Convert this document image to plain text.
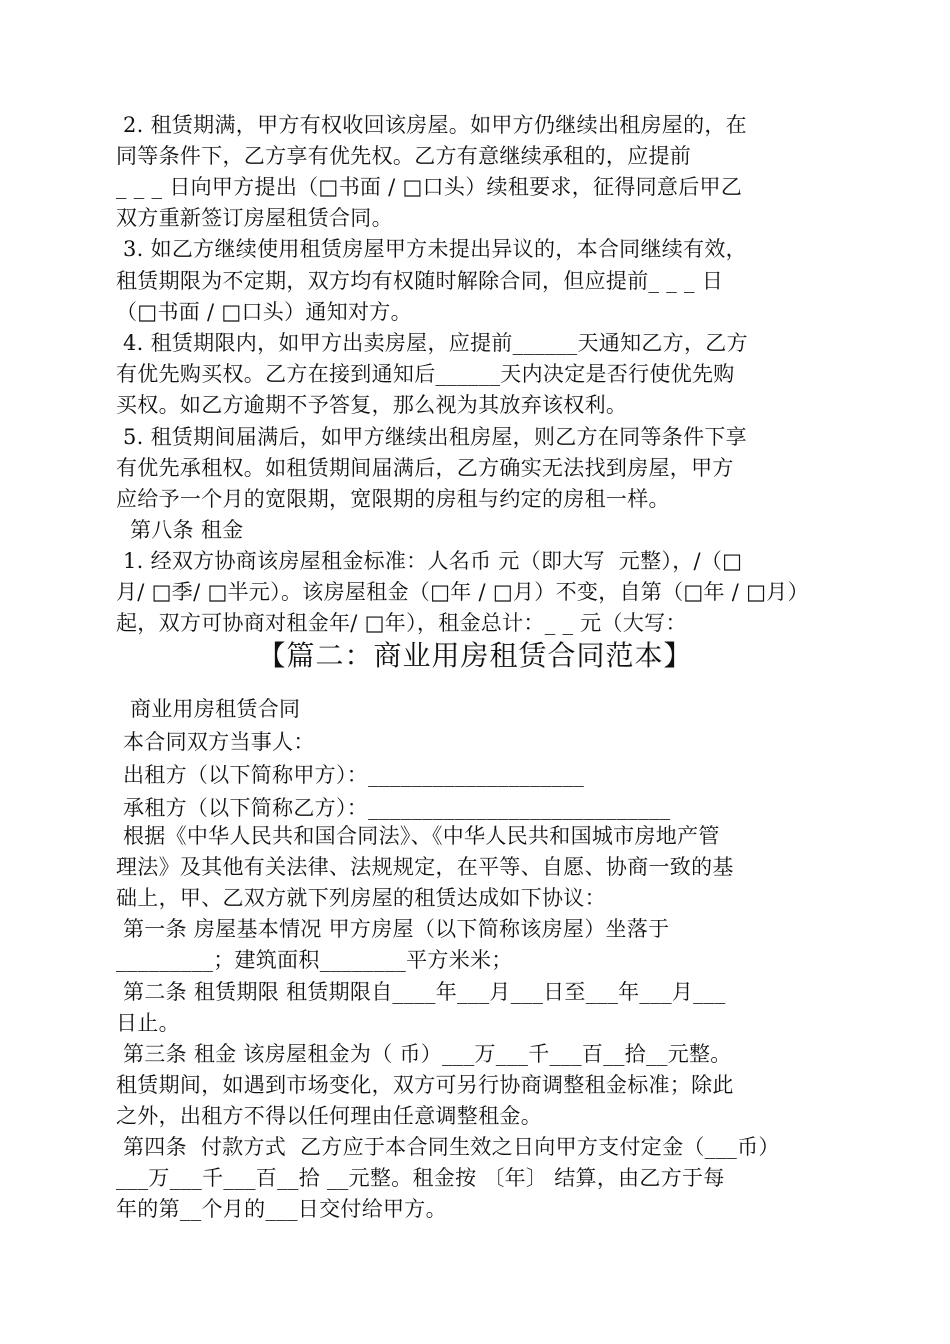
2. 租赁期满，甲方有权收回该房屋。如甲方仍继续出租房屋的，在
同等条件下，乙方享有优先权。乙方有意继续承租的，应提前
_ _ _ 日向甲方提出（□书面 / □口头）续租要求，征得同意后甲乙
双方重新签订房屋租赁合同。
3. 如乙方继续使用租赁房屋甲方未提出异议的，本合同继续有效，
租赁期限为不定期，双方均有权随时解除合同，但应提前_ _ _ 日
（□书面 / □口头）通知对方。
4. 租赁期限内，如甲方出卖房屋，应提前______天通知乙方，乙方
有优先购买权。乙方在接到通知后______天内决定是否行使优先购
买权。如乙方逾期不予答复，那么视为其放弃该权利。
5. 租赁期间届满后，如甲方继续出租房屋，则乙方在同等条件下享
有优先承租权。如租赁期间届满后，乙方确实无法找到房屋，甲方
应给予一个月的宽限期，宽限期的房租与约定的房租一样。
第八条 租金
1. 经双方协商该房屋租金标准：人名币 元（即大写  元整），/（□
月/ □季/ □半元）。该房屋租金（□年 / □月）不变，自第（□年 / □月）
起，双方可协商对租金年/ □年），租金总计：_ _ 元（大写：
【篇二：商业用房租赁合同范本】
商业用房租赁合同
本合同双方当事人：
出租方（以下简称甲方）：____________________
承租方（以下简称乙方）：____________________________
根据《中华人民共和国合同法》、《中华人民共和国城市房地产管
理法》及其他有关法律、法规规定，在平等、自愿、协商一致的基
础上，甲、乙双方就下列房屋的租赁达成如下协议：
第一条 房屋基本情况 甲方房屋（以下简称该房屋）坐落于
_________；建筑面积________平方米米；
第二条 租赁期限 租赁期限自____年___月___日至___年___月___
日止。
第三条 租金 该房屋租金为（ 币）___万___千___百__拾__元整。
租赁期间，如遇到市场变化，双方可另行协商调整租金标准；除此
之外，出租方不得以任何理由任意调整租金。
第四条  付款方式  乙方应于本合同生效之日向甲方支付定金（___币）
___万___千___百__拾 __元整。租金按 〔年〕 结算，由乙方于每
年的第__个月的___日交付给甲方。
